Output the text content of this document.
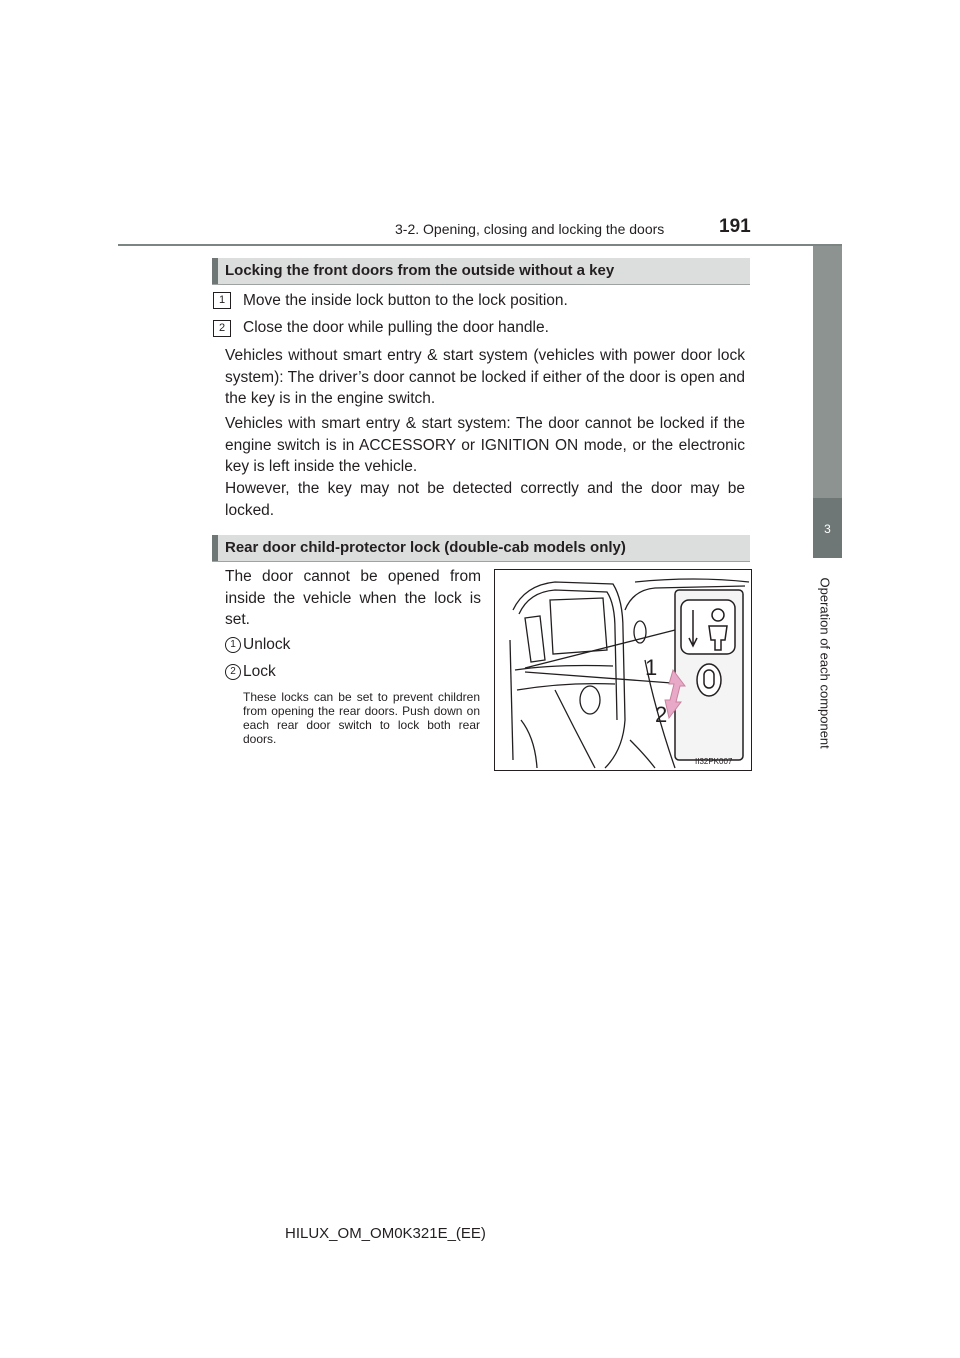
3-2. Opening, closing and locking the doors	191
3
Operation of each component
Locking the front doors from the outside without a key
1	Move the inside lock button to the lock position.
2	Close the door while pulling the door handle.
Vehicles without smart entry & start system (vehicles with power door lock system): The driver’s door cannot be locked if either of the door is open and the key is in the engine switch.
Vehicles with smart entry & start system: The door cannot be locked if the engine switch is in ACCESSORY or IGNITION ON mode, or the electronic key is left inside the vehicle.
However, the key may not be detected correctly and the door may be locked.
Rear door child-protector lock (double-cab models only)
The door cannot be opened from inside the vehicle when the lock is set.
1 Unlock
2 Lock
These locks can be set to prevent children from opening the rear doors. Push down on each rear door switch to lock both rear doors.
1
2
II32PK007
HILUX_OM_OM0K321E_(EE)
